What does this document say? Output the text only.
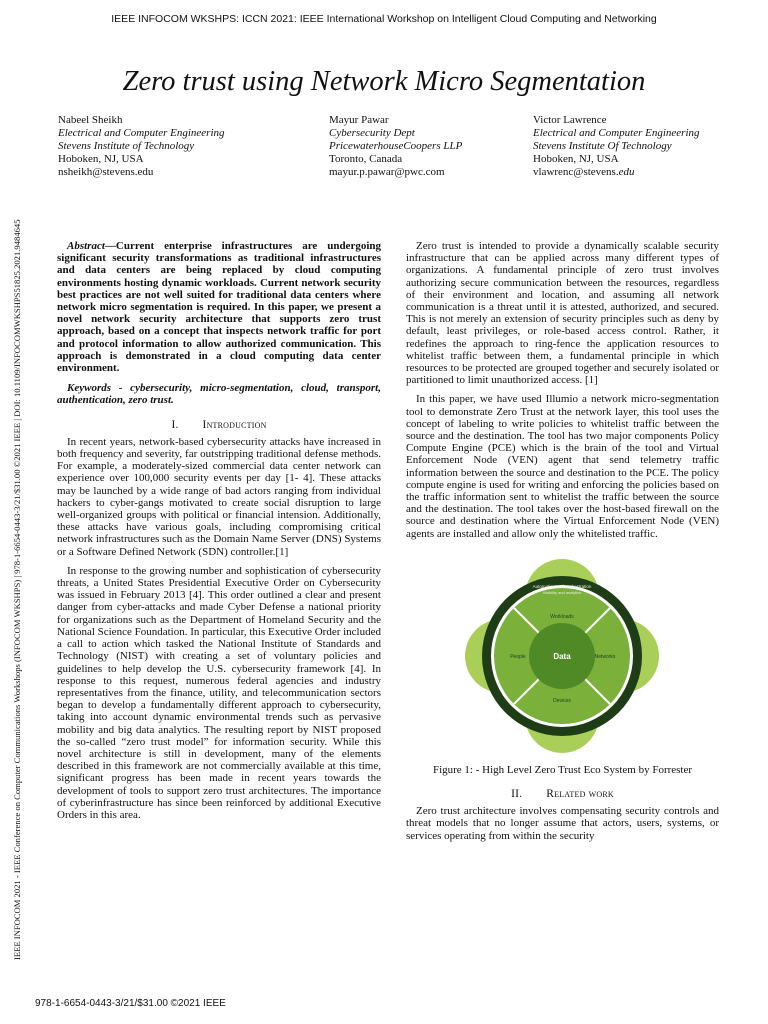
IEEE INFOCOM WKSHPS: ICCN 2021: IEEE International Workshop on Intelligent Cloud Computing and Networking
IEEE INFOCOM 2021 - IEEE Conference on Computer Communications Workshops (INFOCOM WKSHPS) | 978-1-6654-0443-3/21/$31.00 ©2021 IEEE | DOI: 10.1109/INFOCOMWKSHPS51825.2021.9484645
Zero trust using Network Micro Segmentation
Nabeel Sheikh
Electrical and Computer Engineering
Stevens Institute of Technology
Hoboken, NJ, USA
nsheikh@stevens.edu
Mayur Pawar
Cybersecurity Dept
PricewaterhouseCoopers LLP
Toronto, Canada
mayur.p.pawar@pwc.com
Victor Lawrence
Electrical and Computer Engineering
Stevens Institute Of Technology
Hoboken, NJ, USA
vlawrenc@stevens.edu

Abstract—Current enterprise infrastructures are undergoing significant security transformations as traditional infrastructures and data centers are being replaced by cloud computing environments hosting dynamic workloads. Current network security best practices are not well suited for traditional data centers where network micro segmentation is required. In this paper, we present a novel network security architecture that supports zero trust approach, based on a concept that inspects network traffic for port and protocol information to allow authorized communication. This approach is demonstrated in a cloud computing data center environment.

Keywords - cybersecurity, micro-segmentation, cloud, transport, authentication, zero trust.

I. Introduction

In recent years, network-based cybersecurity attacks have increased in both frequency and severity, far outstripping traditional defense methods. For example, a moderately-sized commercial data center network can experience over 100,000 security events per day [1- 4]. These attacks may be launched by a wide range of bad actors ranging from individual hackers to cyber-gangs motivated to create social disruption to large well-organized groups with political or financial intension. Additionally, these attacks have various goals, including compromising critical network infrastructures such as the Domain Name Server (DNS) Systems or a Software Defined Network (SDN) controller.[1]

In response to the growing number and sophistication of cybersecurity threats, a United States Presidential Executive Order on Cybersecurity was issued in February 2013 [4]. This order outlined a clear and present danger from cyber-attacks and made Cyber Defense a national priority for organizations such as the Department of Homeland Security and the National Science Foundation. In particular, this Executive Order included a call to action which tasked the National Institute of Standards and Technology (NIST) with creating a set of voluntary policies and guidelines to help develop the U.S. cybersecurity framework [4]. In response to this request, numerous federal agencies and industry representatives from the finance, utility, and telecommunication sectors began to develop a fundamentally different approach to cybersecurity, taking into account dynamic environmental trends such as pervasive mobility and big data analytics. The resulting report by NIST proposed the so-called “zero trust model” for information security. While this novel architecture is still in development, many of the elements described in this framework are not commercially available at this time, significant progress has been made in recent years towards the development of tools to support zero trust architectures. The importance of cyberinfrastructure has since been reinforced by additional Executive Orders in this area.

Zero trust is intended to provide a dynamically scalable security infrastructure that can be applied across many different types of organizations. A fundamental principle of zero trust involves authorizing secure communication between the resources, regardless of their environment and location, and assuming all network communication is a threat until it is attested, authorized, and secured. This is not merely an extension of security principles such as deny by default, least privileges, or role-based access control. Rather, it redefines the approach to ring-fence the application resources to whitelist traffic between them, a fundamental principle in which resources to be protected are grouped together and securely isolated or partitioned to limit unauthorized access. [1]

In this paper, we have used Illumio a network micro-segmentation tool to demonstrate Zero Trust at the network layer, this tool uses the concept of labeling to write policies to whitelist traffic between the source and the destination. The tool has two major components Policy Compute Engine (PCE) which is the brain of the tool and Virtual Enforcement Node (VEN) agent that send telemetry traffic information between the source and destination to the PCE. The policy compute engine is used for writing and enforcing the policies based on the traffic information sent to whitelist the traffic between the source and the destination. The tool takes over the host-based firewall on the source and destination where the Virtual Enforcement Node (VEN) agents are installed and allow only the whitelisted traffic.

Data
Automation and orchestration
Visibility and analytics
Workloads
Networks
Devices
People

Figure 1: - High Level Zero Trust Eco System by Forrester

II. Related work

Zero trust architecture involves compensating security controls and threat models that no longer assume that actors, users, systems, or services operating from within the security

978-1-6654-0443-3/21/$31.00 ©2021 IEEE
